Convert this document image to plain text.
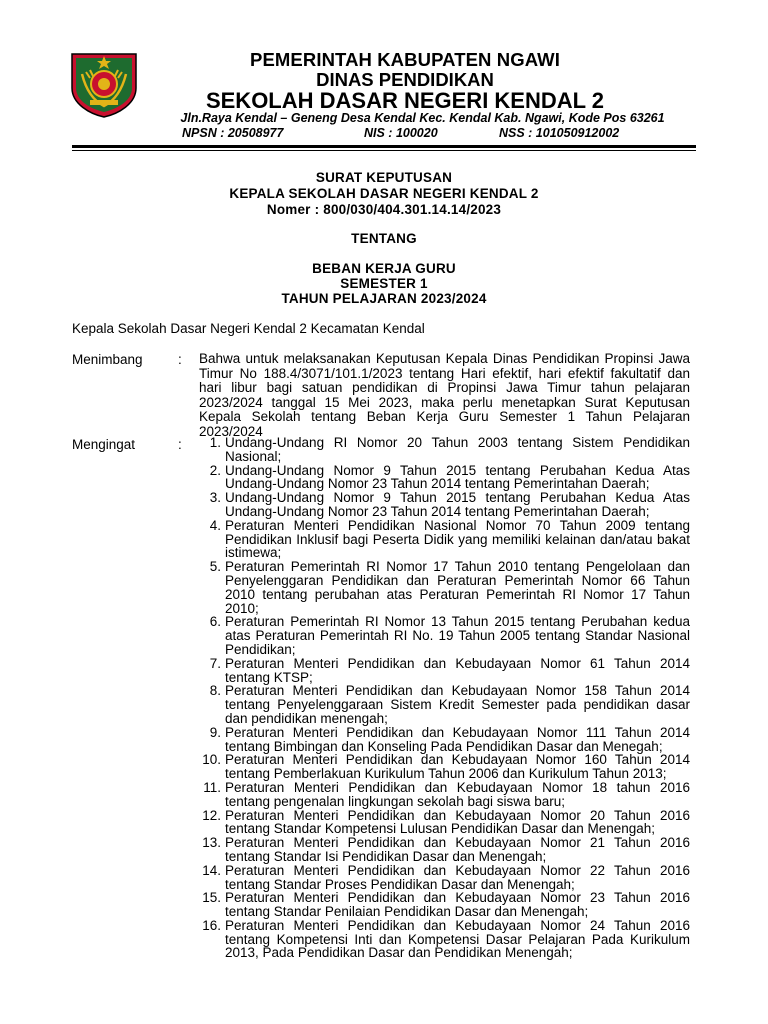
PEMERINTAH KABUPATEN NGAWI
DINAS PENDIDIKAN
SEKOLAH DASAR NEGERI KENDAL 2
Jln.Raya Kendal – Geneng Desa Kendal Kec. Kendal Kab. Ngawi, Kode Pos 63261
NPSN : 20508977	NIS : 100020	NSS : 101050912002
SURAT KEPUTUSAN
KEPALA SEKOLAH DASAR NEGERI KENDAL 2
Nomer : 800/030/404.301.14.14/2023
TENTANG
BEBAN KERJA GURU
SEMESTER 1
TAHUN PELAJARAN 2023/2024
Kepala Sekolah Dasar Negeri Kendal 2 Kecamatan Kendal
Menimbang	: Bahwa untuk melaksanakan Keputusan Kepala Dinas Pendidikan Propinsi Jawa Timur No 188.4/3071/101.1/2023 tentang Hari efektif, hari efektif fakultatif dan hari libur bagi satuan pendidikan di Propinsi Jawa Timur tahun pelajaran 2023/2024 tanggal 15 Mei 2023, maka perlu menetapkan Surat Keputusan Kepala Sekolah tentang Beban Kerja Guru Semester 1 Tahun Pelajaran 2023/2024

Mengingat	:	1. Undang-Undang RI Nomor 20 Tahun 2003 tentang Sistem Pendidikan Nasional;
2. Undang-Undang Nomor 9 Tahun 2015 tentang Perubahan Kedua Atas Undang-Undang Nomor 23 Tahun 2014 tentang Pemerintahan Daerah;
3. Undang-Undang Nomor 9 Tahun 2015 tentang Perubahan Kedua Atas Undang-Undang Nomor 23 Tahun 2014 tentang Pemerintahan Daerah;
4. Peraturan Menteri Pendidikan Nasional Nomor 70 Tahun 2009 tentang Pendidikan Inklusif bagi Peserta Didik yang memiliki kelainan dan/atau bakat istimewa;
5. Peraturan Pemerintah RI Nomor 17 Tahun 2010 tentang Pengelolaan dan Penyelenggaran Pendidikan dan Peraturan Pemerintah Nomor 66 Tahun 2010 tentang perubahan atas Peraturan Pemerintah RI Nomor 17 Tahun 2010;
6. Peraturan Pemerintah RI Nomor 13 Tahun 2015 tentang Perubahan kedua atas Peraturan Pemerintah RI No. 19 Tahun 2005 tentang Standar Nasional Pendidikan;
7. Peraturan Menteri Pendidikan dan Kebudayaan Nomor 61 Tahun 2014 tentang KTSP;
8. Peraturan Menteri Pendidikan dan Kebudayaan Nomor 158 Tahun 2014 tentang Penyelenggaraan Sistem Kredit Semester pada pendidikan dasar dan pendidikan menengah;
9. Peraturan Menteri Pendidikan dan Kebudayaan Nomor 111 Tahun 2014 tentang Bimbingan dan Konseling Pada Pendidikan Dasar dan Menegah;
10. Peraturan Menteri Pendidikan dan Kebudayaan Nomor 160 Tahun 2014 tentang Pemberlakuan Kurikulum Tahun 2006 dan Kurikulum Tahun 2013;
11. Peraturan Menteri Pendidikan dan Kebudayaan Nomor 18 tahun 2016 tentang pengenalan lingkungan sekolah bagi siswa baru;
12. Peraturan Menteri Pendidikan dan Kebudayaan Nomor 20 Tahun 2016 tentang Standar Kompetensi Lulusan Pendidikan Dasar dan Menengah;
13. Peraturan Menteri Pendidikan dan Kebudayaan Nomor 21 Tahun 2016 tentang Standar Isi Pendidikan Dasar dan Menengah;
14. Peraturan Menteri Pendidikan dan Kebudayaan Nomor 22 Tahun 2016 tentang Standar Proses Pendidikan Dasar dan Menengah;
15. Peraturan Menteri Pendidikan dan Kebudayaan Nomor 23 Tahun 2016 tentang Standar Penilaian Pendidikan Dasar dan Menengah;
16. Peraturan Menteri Pendidikan dan Kebudayaan Nomor 24 Tahun 2016 tentang Kompetensi Inti dan Kompetensi Dasar Pelajaran Pada Kurikulum 2013, Pada Pendidikan Dasar dan Pendidikan Menengah;
